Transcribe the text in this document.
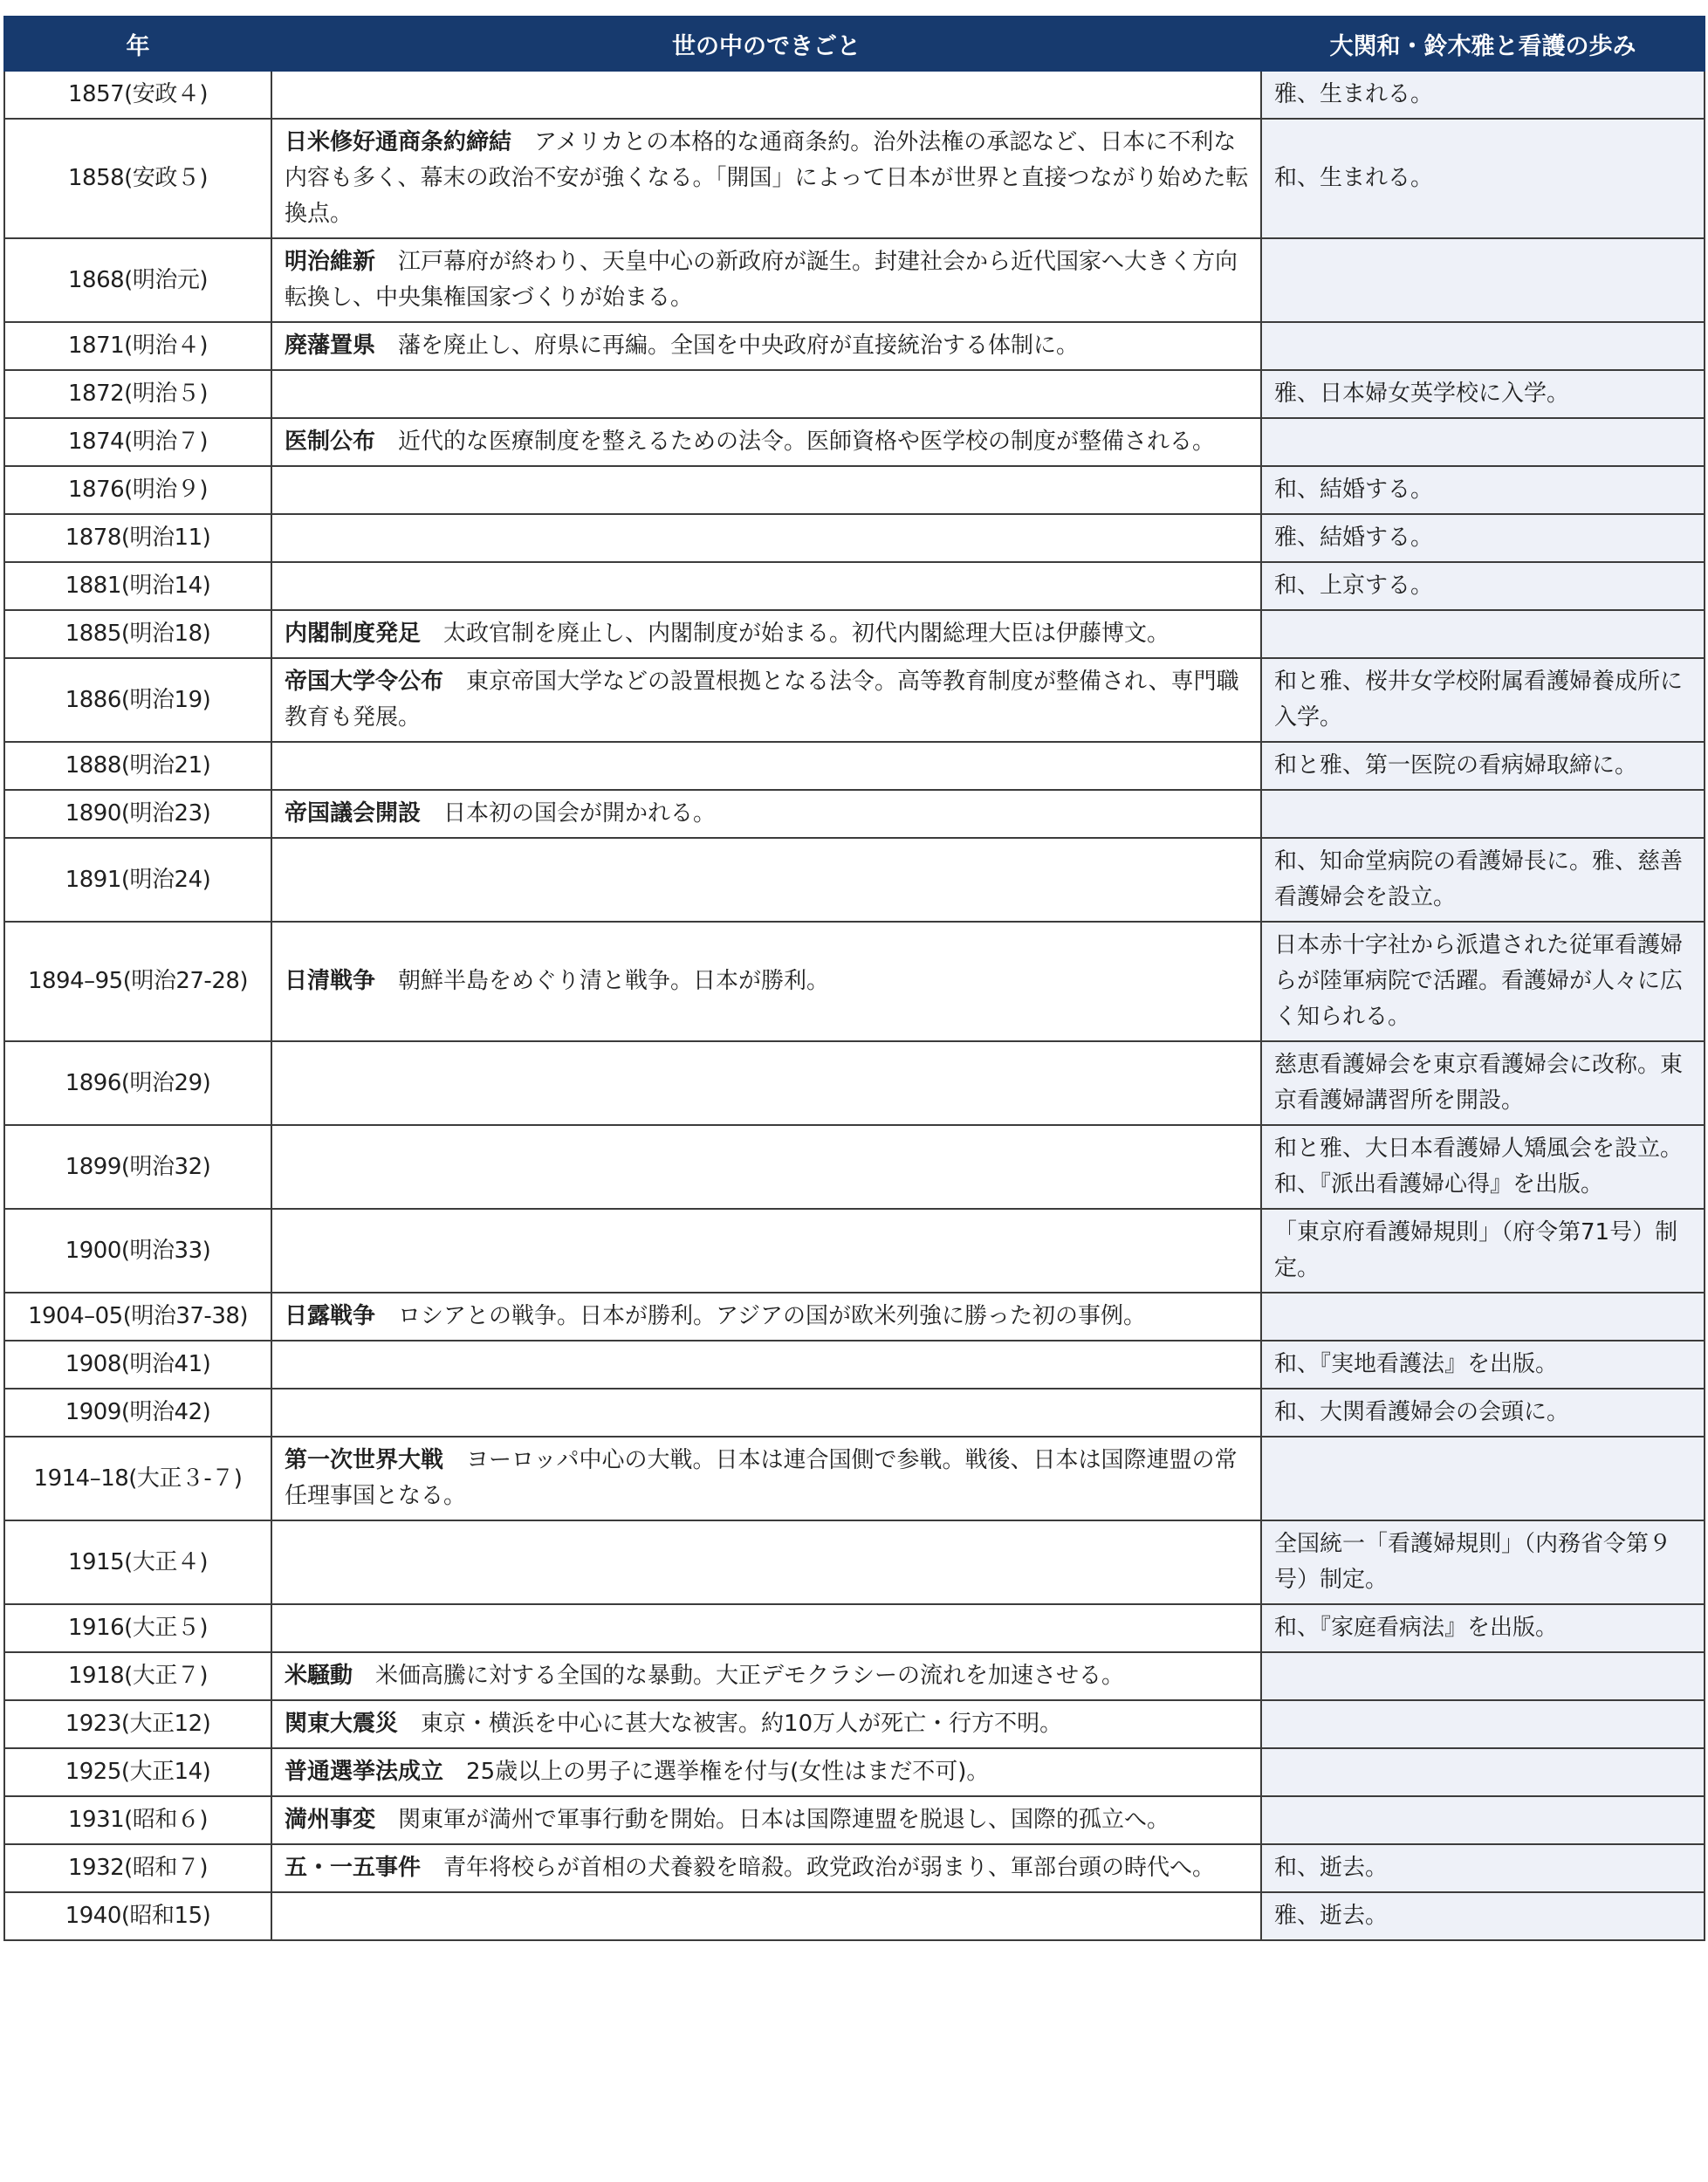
年	世の中のできごと	大関和・鈴木雅と看護の歩み
1857(安政４)		雅、生まれる。
1858(安政５)	日米修好通商条約締結 アメリカとの本格的な通商条約。治外法権の承認など、日本に不利な内容も多く、幕末の政治不安が強くなる。「開国」によって日本が世界と直接つながり始めた転換点。	和、生まれる。
1868(明治元)	明治維新 江戸幕府が終わり、天皇中心の新政府が誕生。封建社会から近代国家へ大きく方向転換し、中央集権国家づくりが始まる。	
1871(明治４)	廃藩置県 藩を廃止し、府県に再編。全国を中央政府が直接統治する体制に。	
1872(明治５)		雅、日本婦女英学校に入学。
1874(明治７)	医制公布 近代的な医療制度を整えるための法令。医師資格や医学校の制度が整備される。	
1876(明治９)		和、結婚する。
1878(明治11)		雅、結婚する。
1881(明治14)		和、上京する。
1885(明治18)	内閣制度発足 太政官制を廃止し、内閣制度が始まる。初代内閣総理大臣は伊藤博文。	
1886(明治19)	帝国大学令公布 東京帝国大学などの設置根拠となる法令。高等教育制度が整備され、専門職教育も発展。	和と雅、桜井女学校附属看護婦養成所に入学。
1888(明治21)		和と雅、第一医院の看病婦取締に。
1890(明治23)	帝国議会開設 日本初の国会が開かれる。	
1891(明治24)		和、知命堂病院の看護婦長に。雅、慈善看護婦会を設立。
1894–95(明治27-28)	日清戦争 朝鮮半島をめぐり清と戦争。日本が勝利。	日本赤十字社から派遣された従軍看護婦らが陸軍病院で活躍。看護婦が人々に広く知られる。
1896(明治29)		慈恵看護婦会を東京看護婦会に改称。東京看護婦講習所を開設。
1899(明治32)		和と雅、大日本看護婦人矯風会を設立。和、『派出看護婦心得』を出版。
1900(明治33)		「東京府看護婦規則」（府令第71号）制定。
1904–05(明治37-38)	日露戦争 ロシアとの戦争。日本が勝利。アジアの国が欧米列強に勝った初の事例。	
1908(明治41)		和、『実地看護法』を出版。
1909(明治42)		和、大関看護婦会の会頭に。
1914–18(大正３-７)	第一次世界大戦 ヨーロッパ中心の大戦。日本は連合国側で参戦。戦後、日本は国際連盟の常任理事国となる。	
1915(大正４)		全国統一「看護婦規則」（内務省令第９号）制定。
1916(大正５)		和、『家庭看病法』を出版。
1918(大正７)	米騒動 米価高騰に対する全国的な暴動。大正デモクラシーの流れを加速させる。	
1923(大正12)	関東大震災 東京・横浜を中心に甚大な被害。約10万人が死亡・行方不明。	
1925(大正14)	普通選挙法成立 25歳以上の男子に選挙権を付与(女性はまだ不可)。	
1931(昭和６)	満州事変 関東軍が満州で軍事行動を開始。日本は国際連盟を脱退し、国際的孤立へ。	
1932(昭和７)	五・一五事件 青年将校らが首相の犬養毅を暗殺。政党政治が弱まり、軍部台頭の時代へ。	和、逝去。
1940(昭和15)		雅、逝去。
